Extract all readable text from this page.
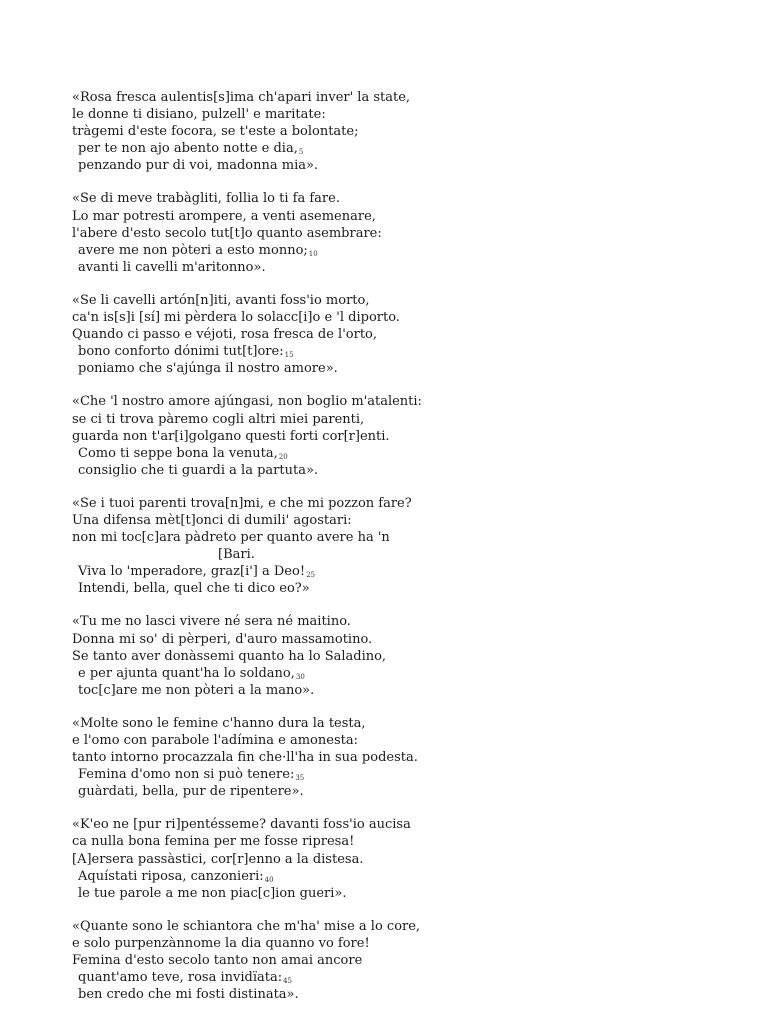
«Rosa fresca aulentis[s]ima ch'apari inver' la state,
le donne ti disiano, pulzell' e maritate:
tràgemi d'este focora, se t'este a bolontate;
per te non ajo abento notte e dia,5
penzando pur di voi, madonna mia».
«Se di meve trabàgliti, follia lo ti fa fare.
Lo mar potresti arompere, a venti asemenare,
l'abere d'esto secolo tut[t]o quanto asembrare:
avere me non pòteri a esto monno;10
avanti li cavelli m'aritonno».
«Se li cavelli artón[n]iti, avanti foss'io morto,
ca'n is[s]i [sí] mi pèrdera lo solacc[i]o e 'l diporto.
Quando ci passo e véjoti, rosa fresca de l'orto,
bono conforto dónimi tut[t]ore:15
poniamo che s'ajúnga il nostro amore».
«Che 'l nostro amore ajúngasi, non boglio m'atalenti:
se ci ti trova pàremo cogli altri miei parenti,
guarda non t'ar[i]golgano questi forti cor[r]enti.
Como ti seppe bona la venuta,20
consiglio che ti guardi a la partuta».
«Se i tuoi parenti trova[n]mi, e che mi pozzon fare?
Una difensa mèt[t]onci di dumili' agostari:
non mi toc[c]ara pàdreto per quanto avere ha 'n
[Bari.
Viva lo 'mperadore, graz[i'] a Deo!25
Intendi, bella, quel che ti dico eo?»
«Tu me no lasci vivere né sera né maitino.
Donna mi so' di pèrperi, d'auro massamotino.
Se tanto aver donàssemi quanto ha lo Saladino,
e per ajunta quant'ha lo soldano,30
toc[c]are me non pòteri a la mano».
«Molte sono le femine c'hanno dura la testa,
e l'omo con parabole l'adímina e amonesta:
tanto intorno procazzala fin che·ll'ha in sua podesta.
Femina d'omo non si può tenere:35
guàrdati, bella, pur de ripentere».
«K'eo ne [pur ri]pentésseme? davanti foss'io aucisa
ca nulla bona femina per me fosse ripresa!
[A]ersera passàstici, cor[r]enno a la distesa.
Aquístati riposa, canzonieri:40
le tue parole a me non piac[c]ion gueri».
«Quante sono le schiantora che m'ha' mise a lo core,
e solo purpenzànnome la dia quanno vo fore!
Femina d'esto secolo tanto non amai ancore
quant'amo teve, rosa invidïata:45
ben credo che mi fosti distinata».
